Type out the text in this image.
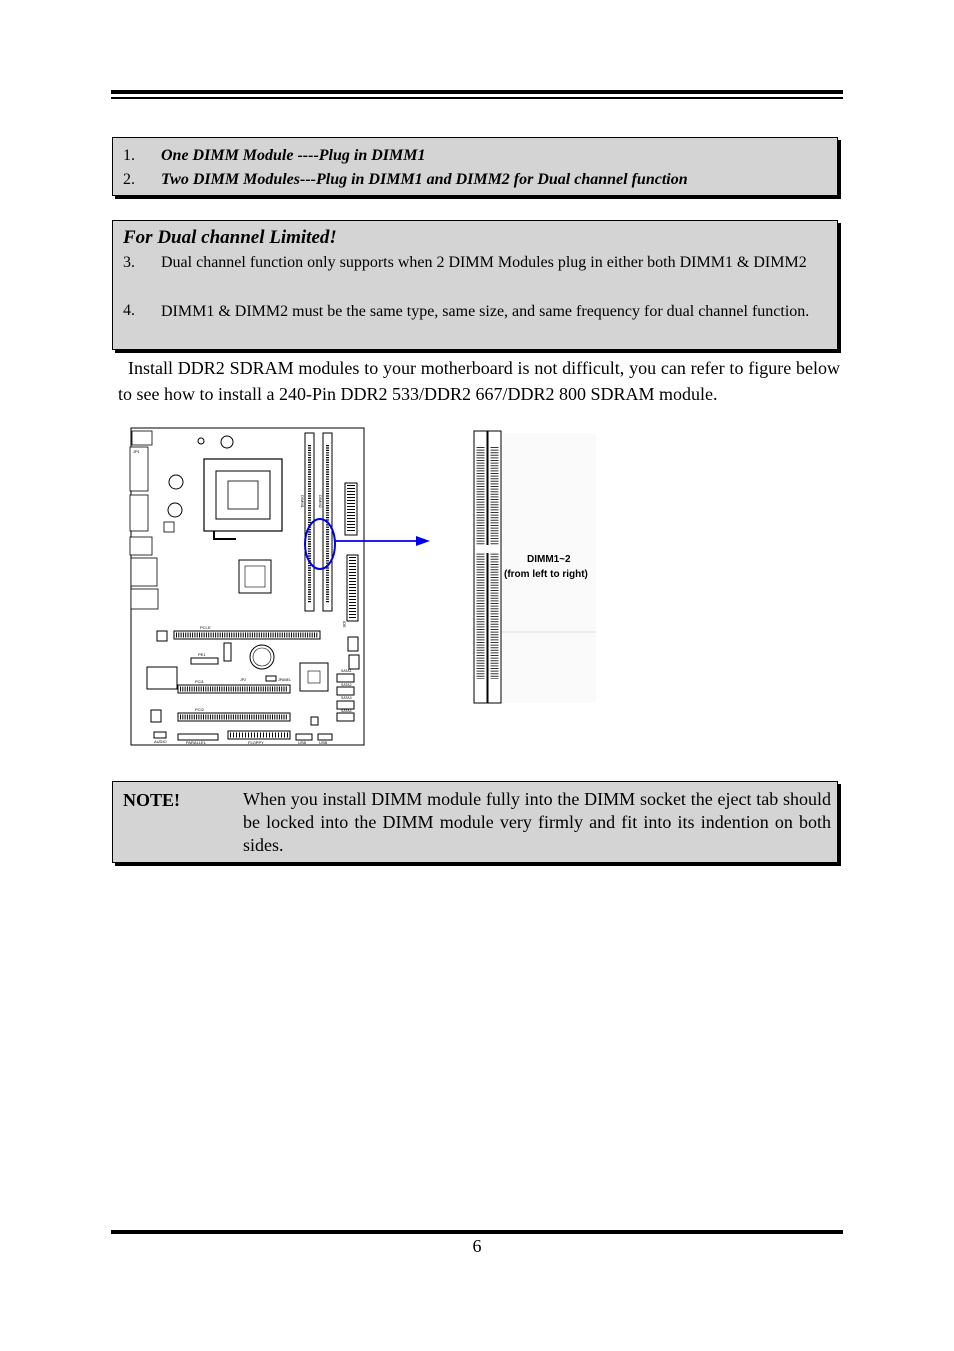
1.	One DIMM Module ----Plug in DIMM1
2.	Two DIMM Modules---Plug in DIMM1 and DIMM2 for Dual channel function
For Dual channel Limited!
3.	Dual channel function only supports when 2 DIMM Modules plug in either both DIMM1 & DIMM2
4.	DIMM1 & DIMM2 must be the same type, same size, and same frequency for dual channel function.
Install DDR2 SDRAM modules to your motherboard is not difficult, you can refer to figure below to see how to install a 240-Pin DDR2 533/DDR2 667/DDR2 800 SDRAM module.
DIMM1	DIMM2
IDE
PCI-E
PE1
PCI1
PCI2
JPANEL
JP2
SATA1
SATA2
SATA3
SATA4
AUDIO	PARALLEL	FLOPPY	USB	USB
JP1
DIMM1~2
(from left to right)
NOTE!	When you install DIMM module fully into the DIMM socket the eject tab should be locked into the DIMM module very firmly and fit into its indention on both sides.
6
